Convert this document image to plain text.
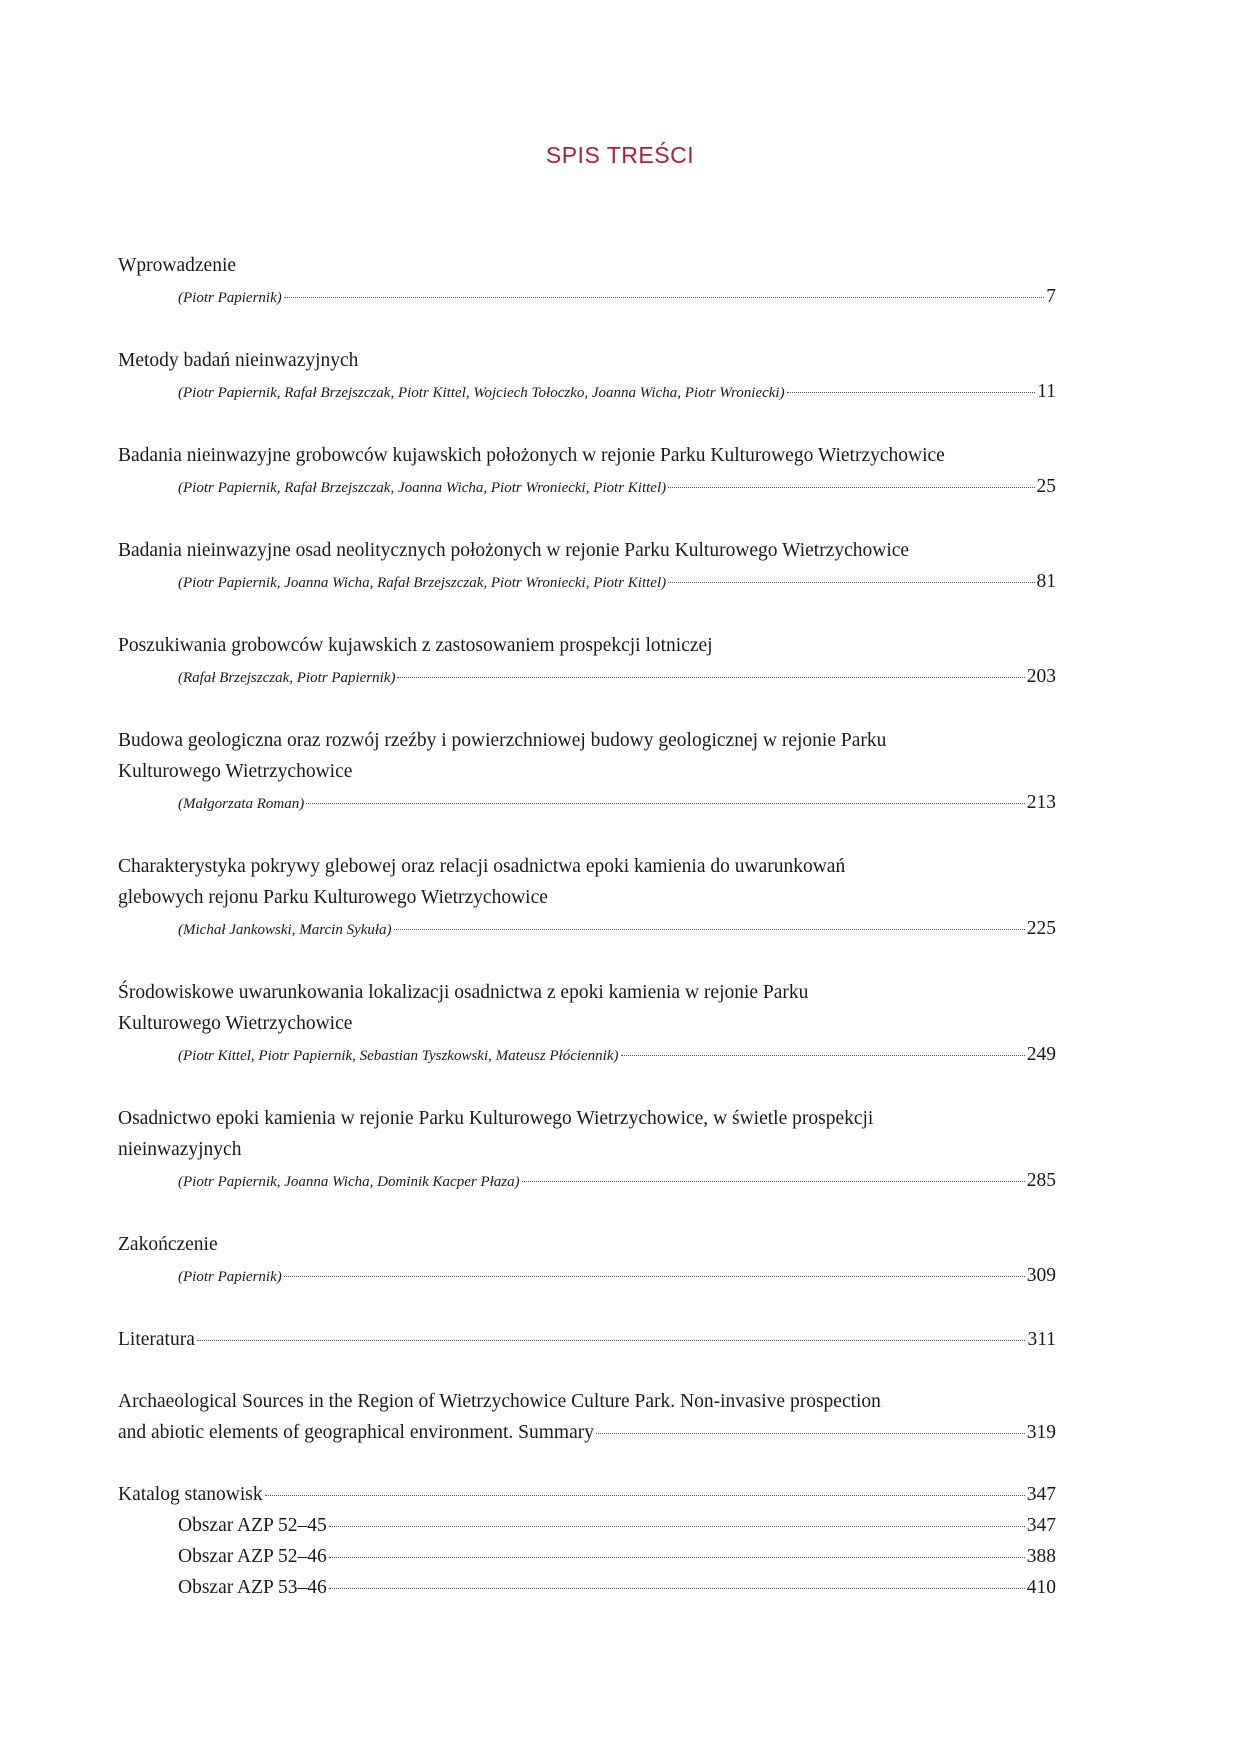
SPIS TREŚCI
Wprowadzenie
(Piotr Papiernik)	7
Metody badań nieinwazyjnych
(Piotr Papiernik, Rafał Brzejszczak, Piotr Kittel, Wojciech Tołoczko, Joanna Wicha, Piotr Wroniecki)	11
Badania nieinwazyjne grobowców kujawskich położonych w rejonie Parku Kulturowego Wietrzychowice
(Piotr Papiernik, Rafał Brzejszczak, Joanna Wicha, Piotr Wroniecki, Piotr Kittel)	25
Badania nieinwazyjne osad neolitycznych położonych w rejonie Parku Kulturowego Wietrzychowice
(Piotr Papiernik, Joanna Wicha, Rafał Brzejszczak, Piotr Wroniecki, Piotr Kittel)	81
Poszukiwania grobowców kujawskich z zastosowaniem prospekcji lotniczej
(Rafał Brzejszczak, Piotr Papiernik)	203
Budowa geologiczna oraz rozwój rzeźby i powierzchniowej budowy geologicznej w rejonie Parku
Kulturowego Wietrzychowice
(Małgorzata Roman)	213
Charakterystyka pokrywy glebowej oraz relacji osadnictwa epoki kamienia do uwarunkowań
glebowych rejonu Parku Kulturowego Wietrzychowice
(Michał Jankowski, Marcin Sykuła)	225
Środowiskowe uwarunkowania lokalizacji osadnictwa z epoki kamienia w rejonie Parku
Kulturowego Wietrzychowice
(Piotr Kittel, Piotr Papiernik, Sebastian Tyszkowski, Mateusz Płóciennik)	249
Osadnictwo epoki kamienia w rejonie Parku Kulturowego Wietrzychowice, w świetle prospekcji
nieinwazyjnych
(Piotr Papiernik, Joanna Wicha, Dominik Kacper Płaza)	285
Zakończenie
(Piotr Papiernik)	309
Literatura	311
Archaeological Sources in the Region of Wietrzychowice Culture Park. Non-invasive prospection
and abiotic elements of geographical environment. Summary	319
Katalog stanowisk	347
Obszar AZP 52–45	347
Obszar AZP 52–46	388
Obszar AZP 53–46	410
